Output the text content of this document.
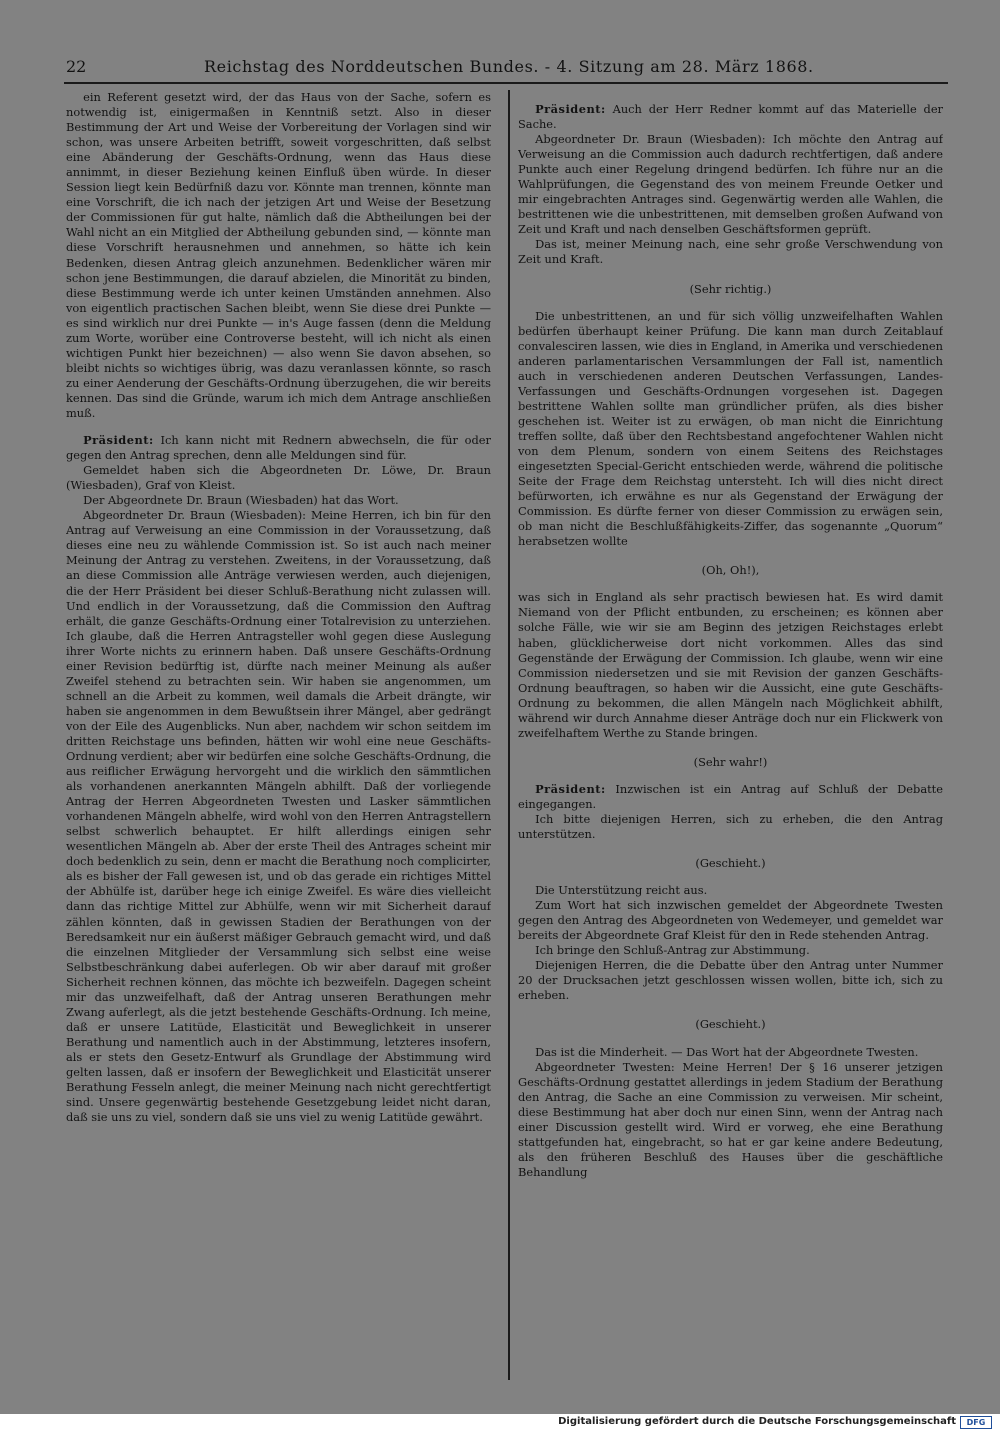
22	Reichstag des Norddeutschen Bundes. - 4. Sitzung am 28. März 1868.

ein Referent gesetzt wird, der das Haus von der Sache, sofern es notwendig ist, einigermaßen in Kenntniß setzt. Also in dieser Bestimmung der Art und Weise der Vorbereitung der Vorlagen sind wir schon, was unsere Arbeiten betrifft, soweit vorgeschritten, daß selbst eine Abänderung der Geschäfts-Ordnung, wenn das Haus diese annimmt, in dieser Beziehung keinen Einfluß üben würde. In dieser Session liegt kein Bedürfniß dazu vor. Könnte man trennen, könnte man eine Vorschrift, die ich nach der jetzigen Art und Weise der Besetzung der Commissionen für gut halte, nämlich daß die Abtheilungen bei der Wahl nicht an ein Mitglied der Abtheilung gebunden sind, — könnte man diese Vorschrift herausnehmen und annehmen, so hätte ich kein Bedenken, diesen Antrag gleich anzunehmen. Bedenklicher wären mir schon jene Bestimmungen, die darauf abzielen, die Minorität zu binden, diese Bestimmung werde ich unter keinen Umständen annehmen. Also von eigentlich practischen Sachen bleibt, wenn Sie diese drei Punkte — es sind wirklich nur drei Punkte — in's Auge fassen (denn die Meldung zum Worte, worüber eine Controverse besteht, will ich nicht als einen wichtigen Punkt hier bezeichnen) — also wenn Sie davon absehen, so bleibt nichts so wichtiges übrig, was dazu veranlassen könnte, so rasch zu einer Aenderung der Geschäfts-Ordnung überzugehen, die wir bereits kennen. Das sind die Gründe, warum ich mich dem Antrage anschließen muß.

Präsident: Ich kann nicht mit Rednern abwechseln, die für oder gegen den Antrag sprechen, denn alle Meldungen sind für.

Gemeldet haben sich die Abgeordneten Dr. Löwe, Dr. Braun (Wiesbaden), Graf von Kleist.

Der Abgeordnete Dr. Braun (Wiesbaden) hat das Wort.

Abgeordneter Dr. Braun (Wiesbaden): Meine Herren, ich bin für den Antrag auf Verweisung an eine Commission in der Voraussetzung, daß dieses eine neu zu wählende Commission ist. So ist auch nach meiner Meinung der Antrag zu verstehen. Zweitens, in der Voraussetzung, daß an diese Commission alle Anträge verwiesen werden, auch diejenigen, die der Herr Präsident bei dieser Schluß-Berathung nicht zulassen will. Und endlich in der Voraussetzung, daß die Commission den Auftrag erhält, die ganze Geschäfts-Ordnung einer Totalrevision zu unterziehen. Ich glaube, daß die Herren Antragsteller wohl gegen diese Auslegung ihrer Worte nichts zu erinnern haben. Daß unsere Geschäfts-Ordnung einer Revision bedürftig ist, dürfte nach meiner Meinung als außer Zweifel stehend zu betrachten sein. Wir haben sie angenommen, um schnell an die Arbeit zu kommen, weil damals die Arbeit drängte, wir haben sie angenommen in dem Bewußtsein ihrer Mängel, aber gedrängt von der Eile des Augenblicks. Nun aber, nachdem wir schon seitdem im dritten Reichstage uns befinden, hätten wir wohl eine neue Geschäfts-Ordnung verdient; aber wir bedürfen eine solche Geschäfts-Ordnung, die aus reiflicher Erwägung hervorgeht und die wirklich den sämmtlichen als vorhandenen anerkannten Mängeln abhilft. Daß der vorliegende Antrag der Herren Abgeordneten Twesten und Lasker sämmtlichen vorhandenen Mängeln abhelfe, wird wohl von den Herren Antragstellern selbst schwerlich behauptet. Er hilft allerdings einigen sehr wesentlichen Mängeln ab. Aber der erste Theil des Antrages scheint mir doch bedenklich zu sein, denn er macht die Berathung noch complicirter, als es bisher der Fall gewesen ist, und ob das gerade ein richtiges Mittel der Abhülfe ist, darüber hege ich einige Zweifel. Es wäre dies vielleicht dann das richtige Mittel zur Abhülfe, wenn wir mit Sicherheit darauf zählen könnten, daß in gewissen Stadien der Berathungen von der Beredsamkeit nur ein äußerst mäßiger Gebrauch gemacht wird, und daß die einzelnen Mitglieder der Versammlung sich selbst eine weise Selbstbeschränkung dabei auferlegen. Ob wir aber darauf mit großer Sicherheit rechnen können, das möchte ich bezweifeln. Dagegen scheint mir das unzweifelhaft, daß der Antrag unseren Berathungen mehr Zwang auferlegt, als die jetzt bestehende Geschäfts-Ordnung. Ich meine, daß er unsere Latitüde, Elasticität und Beweglichkeit in unserer Berathung und namentlich auch in der Abstimmung, letzteres insofern, als er stets den Gesetz-Entwurf als Grundlage der Abstimmung wird gelten lassen, daß er insofern der Beweglichkeit und Elasticität unserer Berathung Fesseln anlegt, die meiner Meinung nach nicht gerechtfertigt sind. Unsere gegenwärtig bestehende Gesetzgebung leidet nicht daran, daß sie uns zu viel, sondern daß sie uns viel zu wenig Latitüde gewährt.

Präsident: Auch der Herr Redner kommt auf das Materielle der Sache.

Abgeordneter Dr. Braun (Wiesbaden): Ich möchte den Antrag auf Verweisung an die Commission auch dadurch rechtfertigen, daß andere Punkte auch einer Regelung dringend bedürfen. Ich führe nur an die Wahlprüfungen, die Gegenstand des von meinem Freunde Oetker und mir eingebrachten Antrages sind. Gegenwärtig werden alle Wahlen, die bestrittenen wie die unbestrittenen, mit demselben großen Aufwand von Zeit und Kraft und nach denselben Geschäftsformen geprüft.

Das ist, meiner Meinung nach, eine sehr große Verschwendung von Zeit und Kraft.

(Sehr richtig.)

Die unbestrittenen, an und für sich völlig unzweifelhaften Wahlen bedürfen überhaupt keiner Prüfung. Die kann man durch Zeitablauf convalesciren lassen, wie dies in England, in Amerika und verschiedenen anderen parlamentarischen Versammlungen der Fall ist, namentlich auch in verschiedenen anderen Deutschen Verfassungen, Landes-Verfassungen und Geschäfts-Ordnungen vorgesehen ist. Dagegen bestrittene Wahlen sollte man gründlicher prüfen, als dies bisher geschehen ist. Weiter ist zu erwägen, ob man nicht die Einrichtung treffen sollte, daß über den Rechtsbestand angefochtener Wahlen nicht von dem Plenum, sondern von einem Seitens des Reichstages eingesetzten Special-Gericht entschieden werde, während die politische Seite der Frage dem Reichstag untersteht. Ich will dies nicht direct befürworten, ich erwähne es nur als Gegenstand der Erwägung der Commission. Es dürfte ferner von dieser Commission zu erwägen sein, ob man nicht die Beschlußfähigkeits-Ziffer, das sogenannte „Quorum“ herabsetzen wollte

(Oh, Oh!),

was sich in England als sehr practisch bewiesen hat. Es wird damit Niemand von der Pflicht entbunden, zu erscheinen; es können aber solche Fälle, wie wir sie am Beginn des jetzigen Reichstages erlebt haben, glücklicherweise dort nicht vorkommen. Alles das sind Gegenstände der Erwägung der Commission. Ich glaube, wenn wir eine Commission niedersetzen und sie mit Revision der ganzen Geschäfts-Ordnung beauftragen, so haben wir die Aussicht, eine gute Geschäfts-Ordnung zu bekommen, die allen Mängeln nach Möglichkeit abhilft, während wir durch Annahme dieser Anträge doch nur ein Flickwerk von zweifelhaftem Werthe zu Stande bringen.

(Sehr wahr!)

Präsident: Inzwischen ist ein Antrag auf Schluß der Debatte eingegangen.

Ich bitte diejenigen Herren, sich zu erheben, die den Antrag unterstützen.

(Geschieht.)

Die Unterstützung reicht aus.

Zum Wort hat sich inzwischen gemeldet der Abgeordnete Twesten gegen den Antrag des Abgeordneten von Wedemeyer, und gemeldet war bereits der Abgeordnete Graf Kleist für den in Rede stehenden Antrag.

Ich bringe den Schluß-Antrag zur Abstimmung.

Diejenigen Herren, die die Debatte über den Antrag unter Nummer 20 der Drucksachen jetzt geschlossen wissen wollen, bitte ich, sich zu erheben.

(Geschieht.)

Das ist die Minderheit. — Das Wort hat der Abgeordnete Twesten.

Abgeordneter Twesten: Meine Herren! Der § 16 unserer jetzigen Geschäfts-Ordnung gestattet allerdings in jedem Stadium der Berathung den Antrag, die Sache an eine Commission zu verweisen. Mir scheint, diese Bestimmung hat aber doch nur einen Sinn, wenn der Antrag nach einer Discussion gestellt wird. Wird er vorweg, ehe eine Berathung stattgefunden hat, eingebracht, so hat er gar keine andere Bedeutung, als den früheren Beschluß des Hauses über die geschäftliche Behandlung

Digitalisierung gefördert durch die Deutsche Forschungsgemeinschaft	DFG
